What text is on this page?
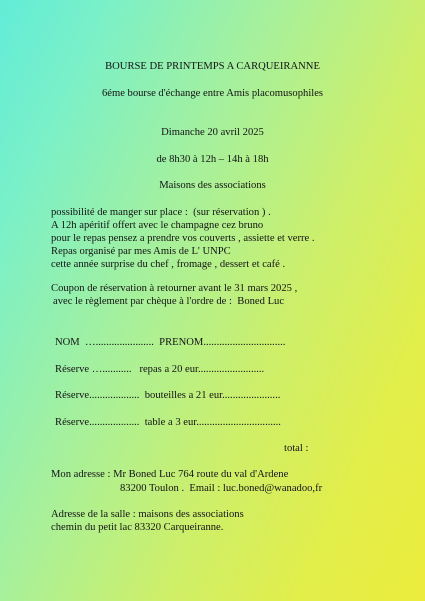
BOURSE DE PRINTEMPS A CARQUEIRANNE
6éme bourse d'échange entre Amis placomusophiles
Dimanche 20 avril 2025
de 8h30 à 12h – 14h à 18h
Maisons des associations
possibilité de manger sur place :  (sur réservation ) .
A 12h apéritif offert avec le champagne cez bruno
pour le repas pensez a prendre vos couverts , assiette et verre .
Repas organisé par mes Amis de L' UNPC
cette année surprise du chef , fromage , dessert et café .
Coupon de réservation à retourner avant le 31 mars 2025 ,
avec le règlement par chèque à l'ordre de :  Boned Luc
NOM  …......................  PRENOM...............................
Réserve …...........   repas a 20 eur.........................
Réserve...................  bouteilles a 21 eur......................
Réserve...................  table a 3 eur................................
total :
Mon adresse : Mr Boned Luc 764 route du val d'Ardene
83200 Toulon .  Email : luc.boned@wanadoo,fr
Adresse de la salle : maisons des associations
chemin du petit lac 83320 Carqueiranne.
